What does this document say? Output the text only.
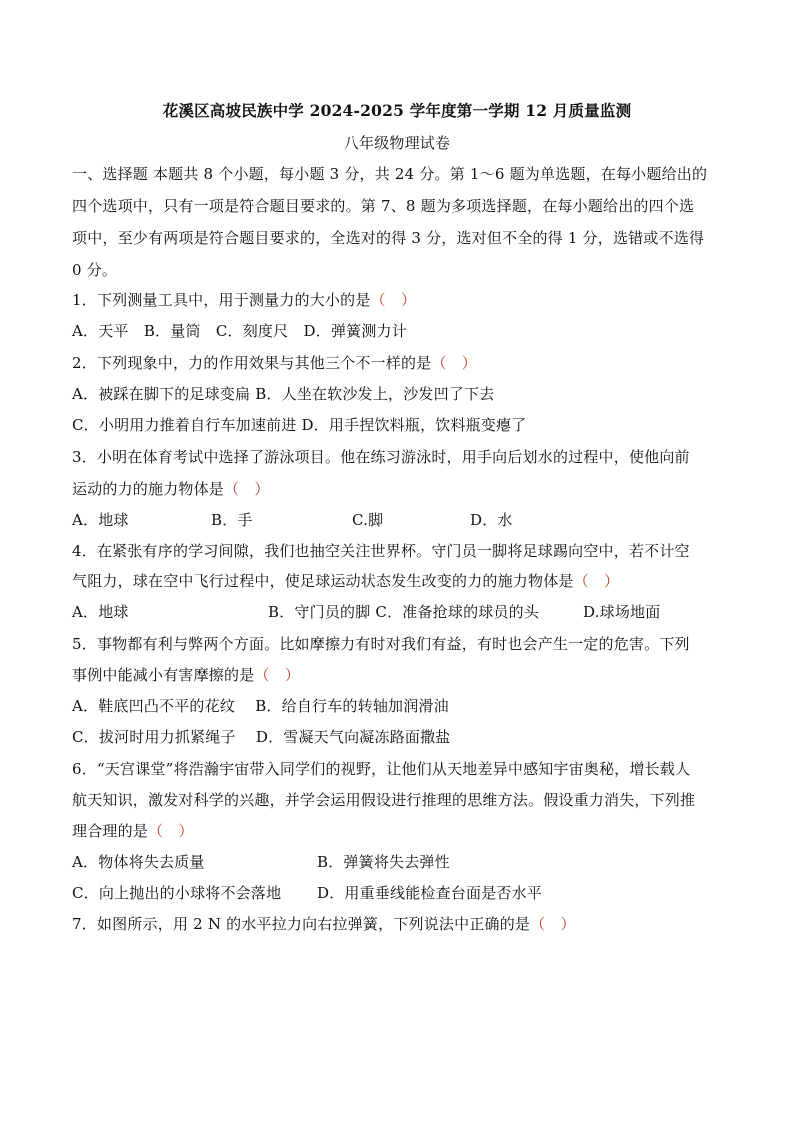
花溪区高坡民族中学 2024-2025 学年度第一学期 12 月质量监测
八年级物理试卷
一、选择题 本题共 8 个小题，每小题 3 分，共 24 分。第 1～6 题为单选题，在每小题给出的
四个选项中，只有一项是符合题目要求的。第 7、8 题为多项选择题，在每小题给出的四个选
项中，至少有两项是符合题目要求的，全选对的得 3 分，选对但不全的得 1 分，选错或不选得
0 分。
1．下列测量工具中，用于测量力的大小的是（　）
A．天平　B．量筒　C．刻度尺　D．弹簧测力计
2．下列现象中，力的作用效果与其他三个不一样的是（　）
A．被踩在脚下的足球变扁 B．人坐在软沙发上，沙发凹了下去
C．小明用力推着自行车加速前进 D．用手捏饮料瓶，饮料瓶变瘪了
3．小明在体育考试中选择了游泳项目。他在练习游泳时，用手向后划水的过程中，使他向前
运动的力的施力物体是（　）
A．地球	B．手	C.脚	D．水
4．在紧张有序的学习间隙，我们也抽空关注世界杯。守门员一脚将足球踢向空中，若不计空
气阻力，球在空中飞行过程中，使足球运动状态发生改变的力的施力物体是（　）
A．地球	B．守门员的脚 C．准备抢球的球员的头	D.球场地面
5．事物都有利与弊两个方面。比如摩擦力有时对我们有益，有时也会产生一定的危害。下列
事例中能减小有害摩擦的是（　）
A．鞋底凹凸不平的花纹　 B．给自行车的转轴加润滑油
C．拔河时用力抓紧绳子　 D．雪凝天气向凝冻路面撒盐
6．“天宫课堂”将浩瀚宇宙带入同学们的视野，让他们从天地差异中感知宇宙奥秘，增长载人
航天知识，激发对科学的兴趣，并学会运用假设进行推理的思维方法。假设重力消失，下列推
理合理的是（　）
A．物体将失去质量	B．弹簧将失去弹性
C．向上抛出的小球将不会落地 D．用重垂线能检查台面是否水平
7．如图所示，用 2 N 的水平拉力向右拉弹簧，下列说法中正确的是（　）
